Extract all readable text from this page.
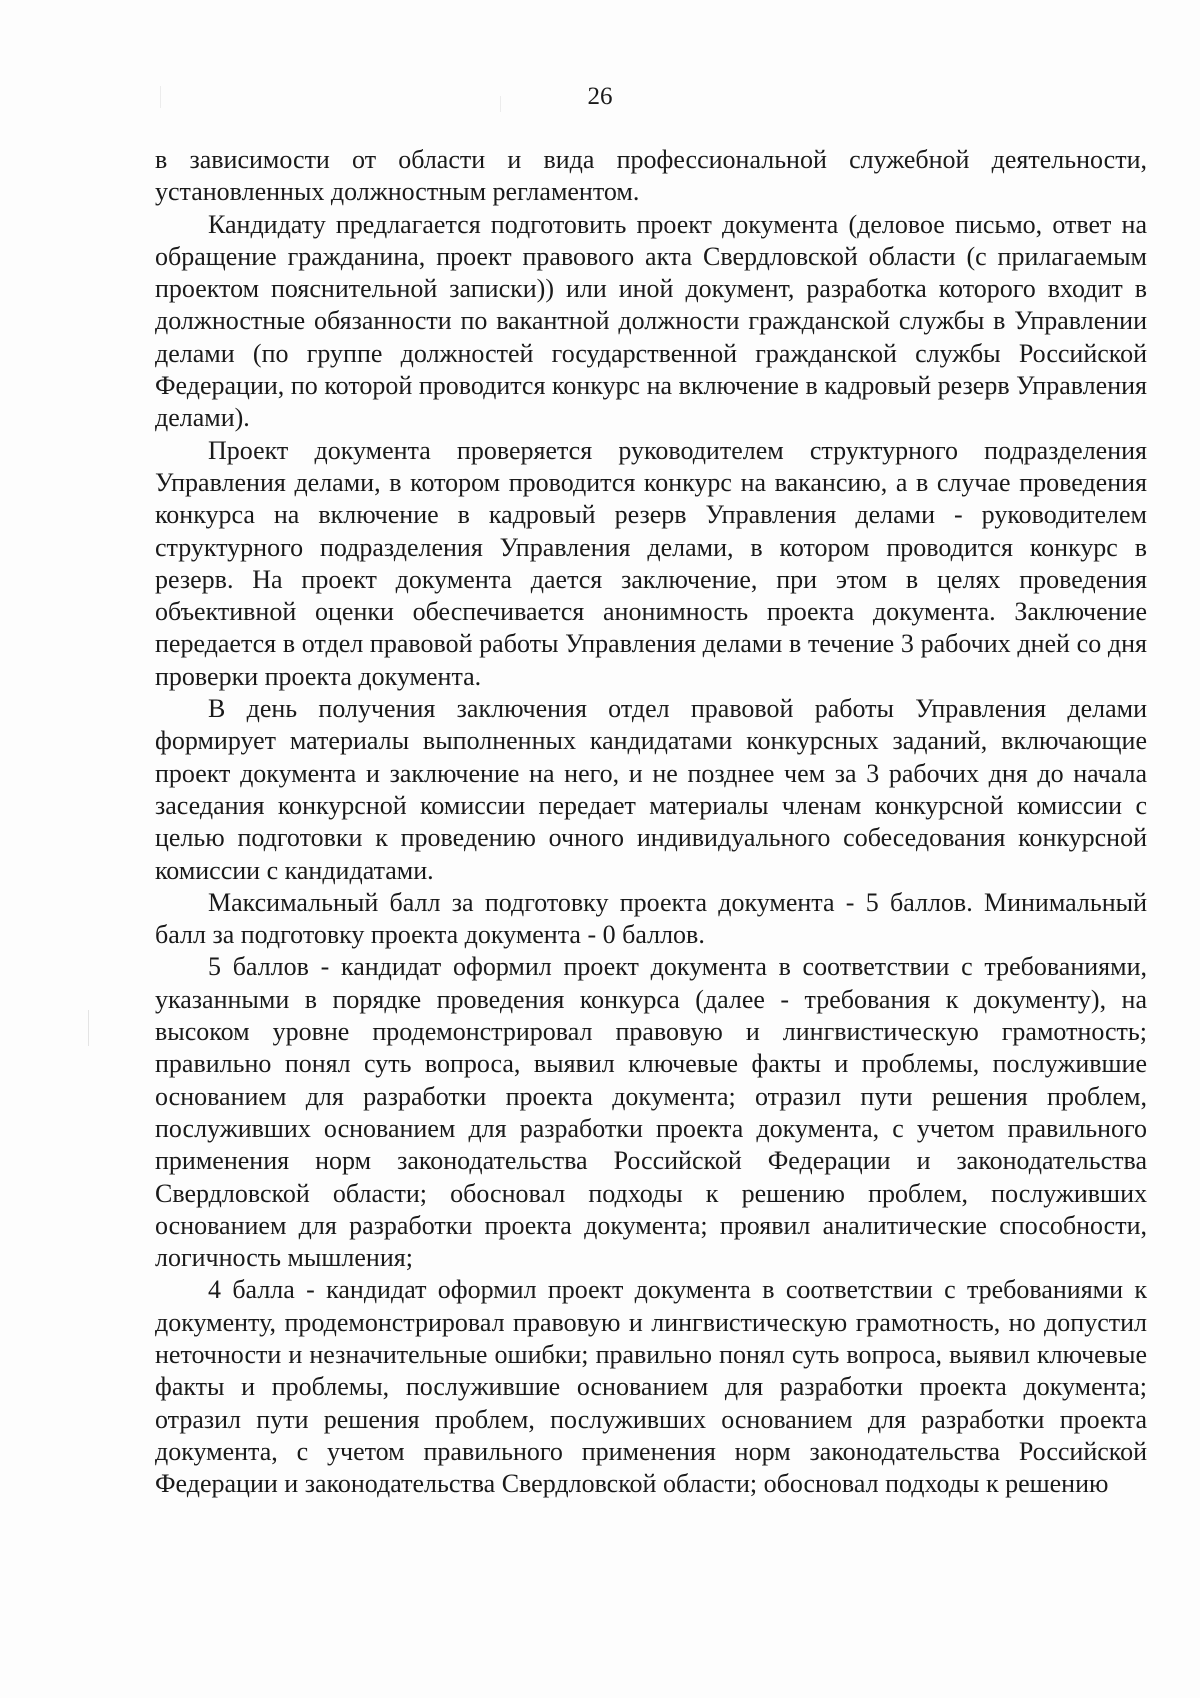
26

в зависимости от области и вида профессиональной служебной деятельности, установленных должностным регламентом.

Кандидату предлагается подготовить проект документа (деловое письмо, ответ на обращение гражданина, проект правового акта Свердловской области (с прилагаемым проектом пояснительной записки)) или иной документ, разработка которого входит в должностные обязанности по вакантной должности гражданской службы в Управлении делами (по группе должностей государственной гражданской службы Российской Федерации, по которой проводится конкурс на включение в кадровый резерв Управления делами).

Проект документа проверяется руководителем структурного подразделения Управления делами, в котором проводится конкурс на вакансию, а в случае проведения конкурса на включение в кадровый резерв Управления делами - руководителем структурного подразделения Управления делами, в котором проводится конкурс в резерв. На проект документа дается заключение, при этом в целях проведения объективной оценки обеспечивается анонимность проекта документа. Заключение передается в отдел правовой работы Управления делами в течение 3 рабочих дней со дня проверки проекта документа.

В день получения заключения отдел правовой работы Управления делами формирует материалы выполненных кандидатами конкурсных заданий, включающие проект документа и заключение на него, и не позднее чем за 3 рабочих дня до начала заседания конкурсной комиссии передает материалы членам конкурсной комиссии с целью подготовки к проведению очного индивидуального собеседования конкурсной комиссии с кандидатами.

Максимальный балл за подготовку проекта документа - 5 баллов. Минимальный балл за подготовку проекта документа - 0 баллов.

5 баллов - кандидат оформил проект документа в соответствии с требованиями, указанными в порядке проведения конкурса (далее - требования к документу), на высоком уровне продемонстрировал правовую и лингвистическую грамотность; правильно понял суть вопроса, выявил ключевые факты и проблемы, послужившие основанием для разработки проекта документа; отразил пути решения проблем, послуживших основанием для разработки проекта документа, с учетом правильного применения норм законодательства Российской Федерации и законодательства Свердловской области; обосновал подходы к решению проблем, послуживших основанием для разработки проекта документа; проявил аналитические способности, логичность мышления;

4 балла - кандидат оформил проект документа в соответствии с требованиями к документу, продемонстрировал правовую и лингвистическую грамотность, но допустил неточности и незначительные ошибки; правильно понял суть вопроса, выявил ключевые факты и проблемы, послужившие основанием для разработки проекта документа; отразил пути решения проблем, послуживших основанием для разработки проекта документа, с учетом правильного применения норм законодательства Российской Федерации и законодательства Свердловской области; обосновал подходы к решению
